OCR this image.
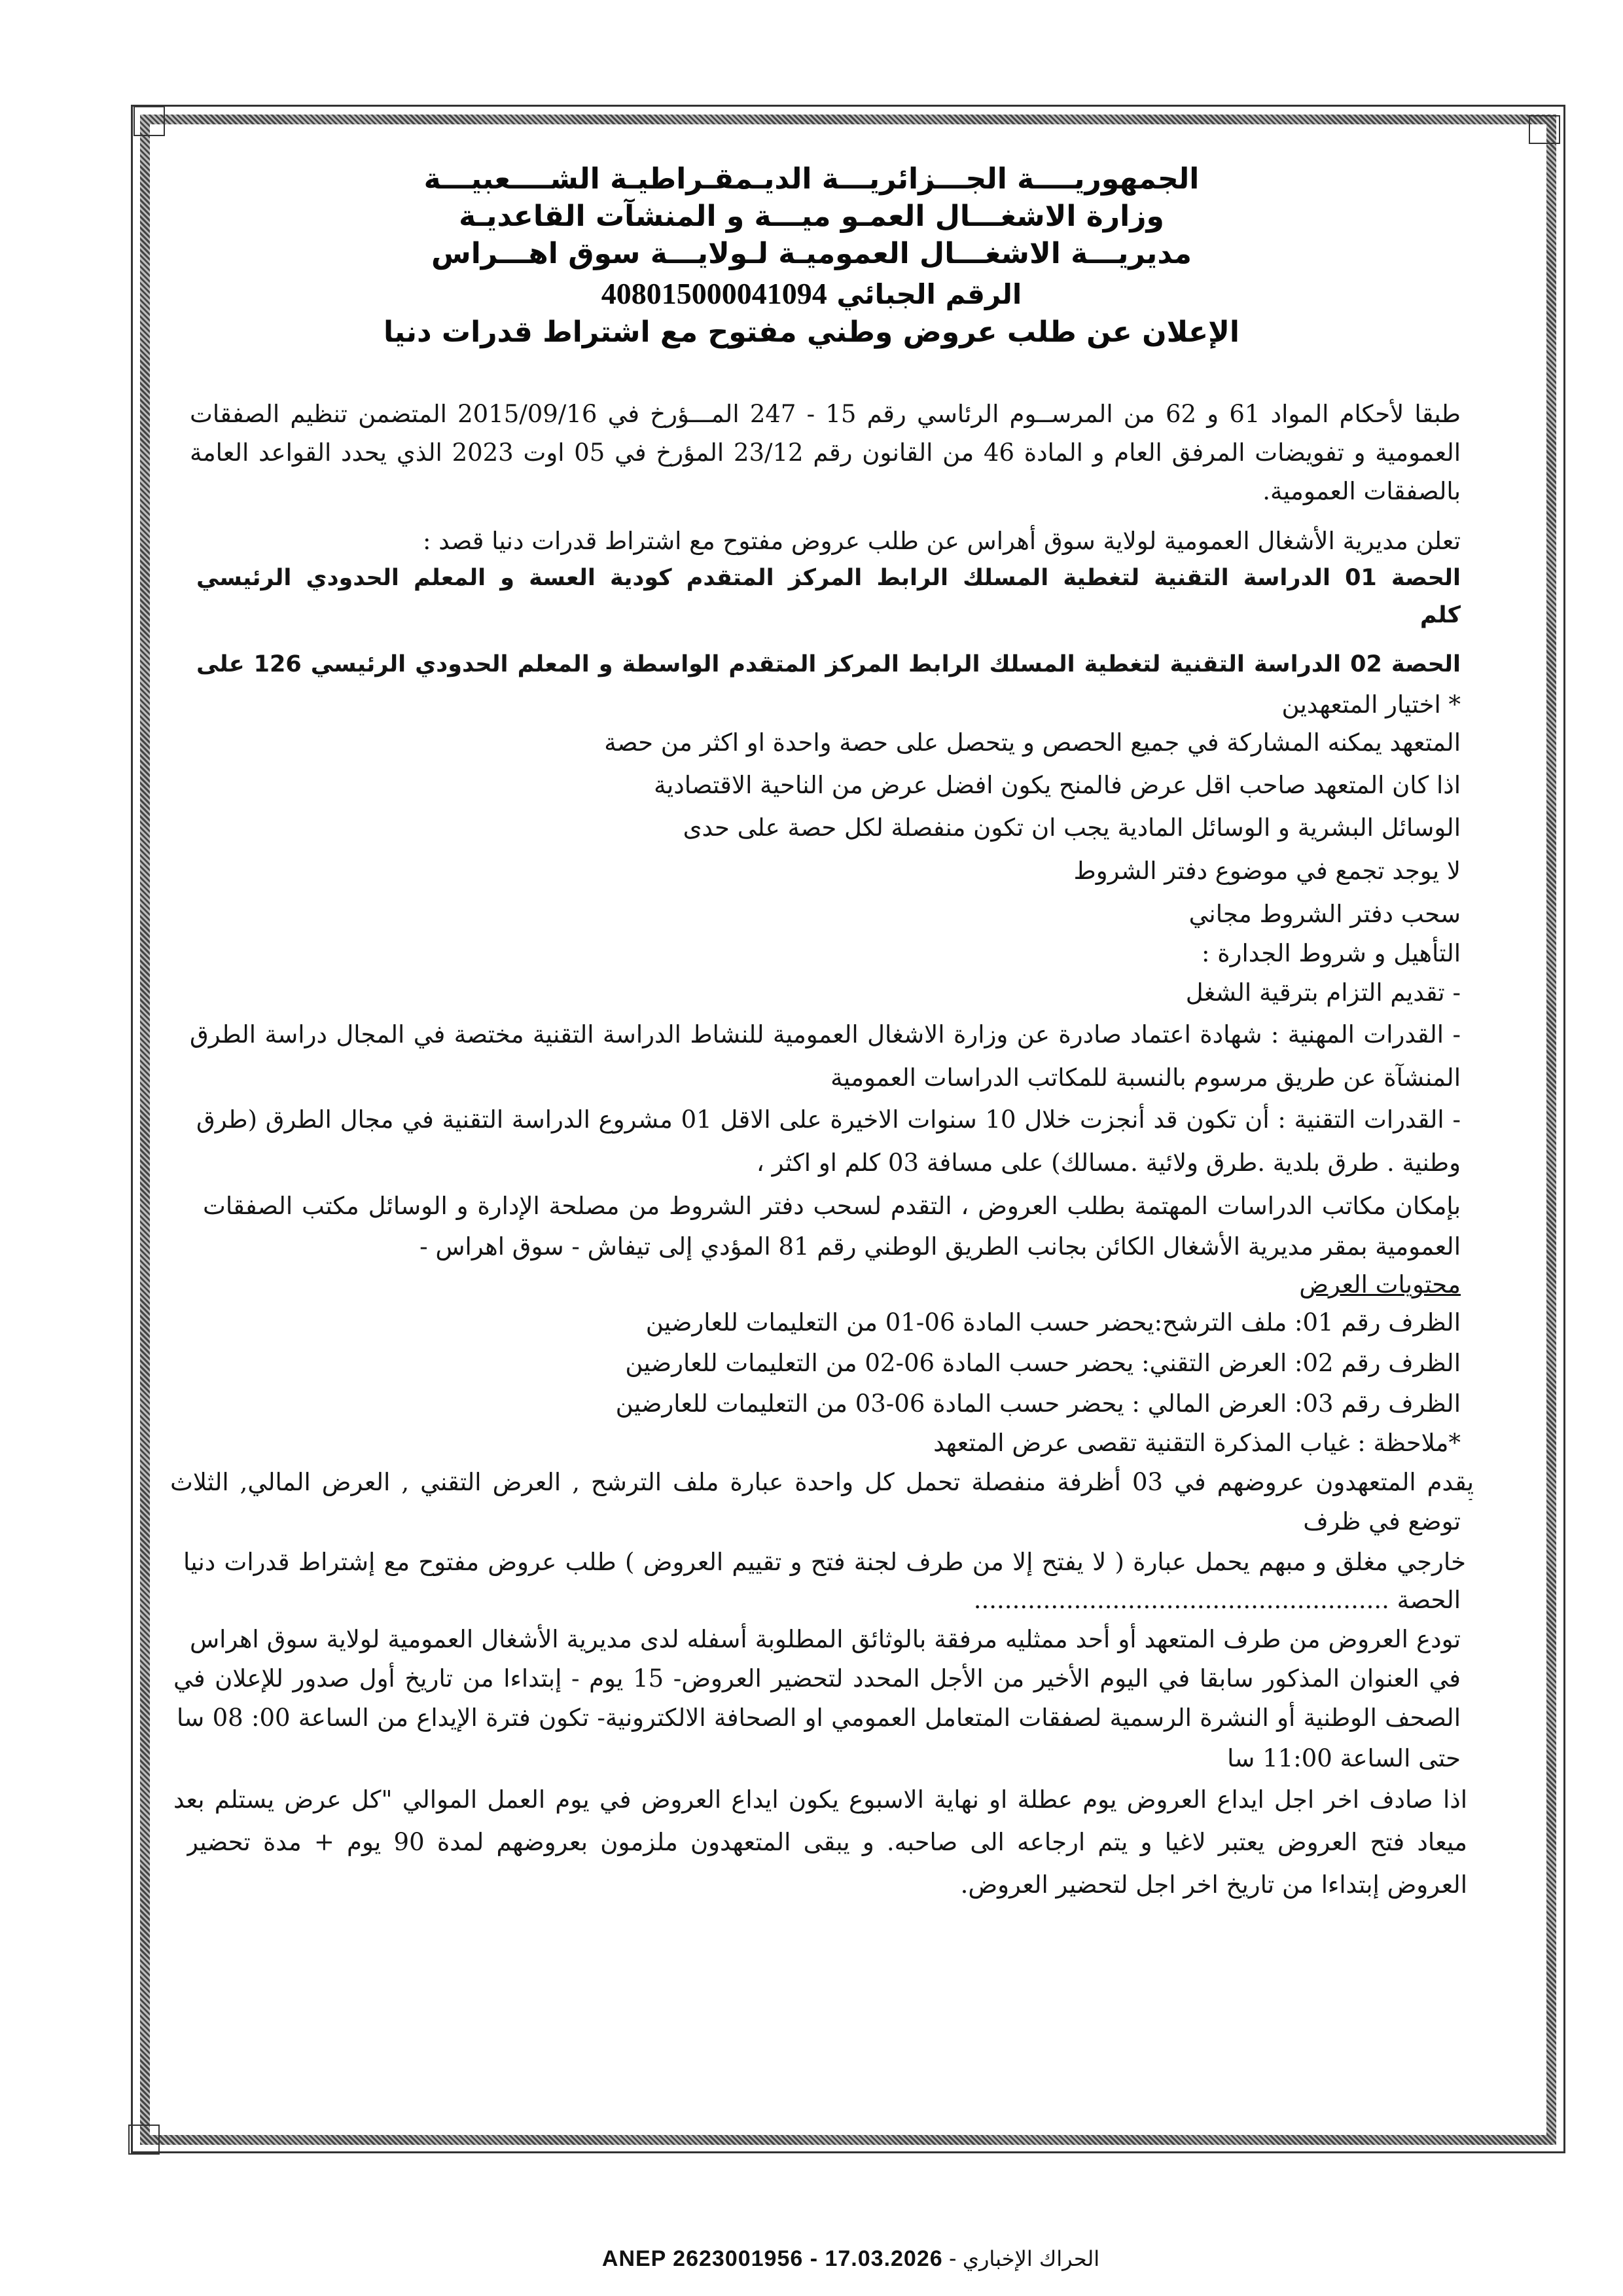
الجمهوريــــة الجـــزائريـــة الديـمقـراطيـة الشــــعبيـــة
وزارة الاشغـــال العمـو ميـــة و المنشآت القاعديـة
مديريـــة الاشغـــال العموميـة لـولايـــة سوق اهـــراس
الرقم الجبائي 408015000041094
الإعلان عن طلب عروض وطني مفتوح مع اشتراط قدرات دنيا
طبقا لأحكام المواد 61 و 62 من المرســوم الرئاسي رقم 15 - 247 المـــؤرخ في 2015/09/16 المتضمن تنظيم الصفقات
العمومية و تفويضات المرفق العام و المادة 46 من القانون رقم 23/12 المؤرخ في 05 اوت 2023 الذي يحدد القواعد العامة
بالصفقات العمومية.
تعلن مديرية الأشغال العمومية لولاية سوق أهراس عن طلب عروض مفتوح مع اشتراط قدرات دنيا قصد :
الحصة 01 الدراسة التقنية لتغطية المسلك الرابط المركز المتقدم كودية العسة و المعلم الحدودي الرئيسي
كلم
الحصة 02 الدراسة التقنية لتغطية المسلك الرابط المركز المتقدم الواسطة و المعلم الحدودي الرئيسي 126 على
* اختيار المتعهدين
المتعهد يمكنه المشاركة في جميع الحصص و يتحصل على حصة واحدة او اكثر من حصة
اذا كان المتعهد صاحب اقل عرض فالمنح يكون افضل عرض من الناحية الاقتصادية
الوسائل البشرية و الوسائل المادية يجب ان تكون منفصلة لكل حصة على حدى
لا يوجد تجمع في موضوع دفتر الشروط
سحب دفتر الشروط مجاني
التأهيل و شروط الجدارة :
- تقديم التزام بترقية الشغل
- القدرات المهنية : شهادة اعتماد صادرة عن وزارة الاشغال العمومية للنشاط الدراسة التقنية مختصة في المجال دراسة الطرق
المنشآة عن طريق مرسوم بالنسبة للمكاتب الدراسات العمومية
- القدرات التقنية : أن تكون قد أنجزت خلال 10 سنوات الاخيرة على الاقل 01 مشروع الدراسة التقنية في مجال الطرق (طرق
وطنية . طرق بلدية .طرق ولائية .مسالك) على مسافة 03 كلم او اكثر ،
بإمكان مكاتب الدراسات المهتمة بطلب العروض ، التقدم لسحب دفتر الشروط من مصلحة الإدارة و الوسائل مكتب الصفقات
العمومية بمقر مديرية الأشغال الكائن بجانب الطريق الوطني رقم 81 المؤدي إلى تيفاش - سوق اهراس -
محتويات العرض
الظرف رقم 01: ملف الترشح:يحضر حسب المادة 06-01 من التعليمات للعارضين
الظرف رقم 02: العرض التقني: يحضر حسب المادة 06-02 من التعليمات للعارضين
الظرف رقم 03: العرض المالي : يحضر حسب المادة 06-03 من التعليمات للعارضين
*ملاحظة : غياب المذكرة التقنية تقصى عرض المتعهد
يقدم المتعهدون عروضهم في 03 أظرفة منفصلة تحمل كل واحدة عبارة ملف الترشح , العرض التقني , العرض المالي, الثلاث
توضع في ظرف
خارجي مغلق و مبهم يحمل عبارة ( لا يفتح إلا من طرف لجنة فتح و تقييم العروض ) طلب عروض مفتوح مع إشتراط قدرات دنيا
الحصة ......................................................
تودع العروض من طرف المتعهد أو أحد ممثليه مرفقة بالوثائق المطلوبة أسفله لدى مديرية الأشغال العمومية لولاية سوق اهراس
في العنوان المذكور سابقا في اليوم الأخير من الأجل المحدد لتحضير العروض- 15 يوم - إبتداءا من تاريخ أول صدور للإعلان في
الصحف الوطنية أو النشرة الرسمية لصفقات المتعامل العمومي او الصحافة الالكترونية- تكون فترة الإيداع من الساعة 00: 08 سا
حتى الساعة 11:00 سا
اذا صادف اخر اجل ايداع العروض يوم عطلة او نهاية الاسبوع يكون ايداع العروض في يوم العمل الموالي "كل عرض يستلم بعد
ميعاد فتح العروض يعتبر لاغيا و يتم ارجاعه الى صاحبه. و يبقى المتعهدون ملزمون بعروضهم لمدة 90 يوم + مدة تحضير
العروض إبتداءا من تاريخ اخر اجل لتحضير العروض.
ANEP 2623001956 - 17.03.2026 - الحراك الإخباري
